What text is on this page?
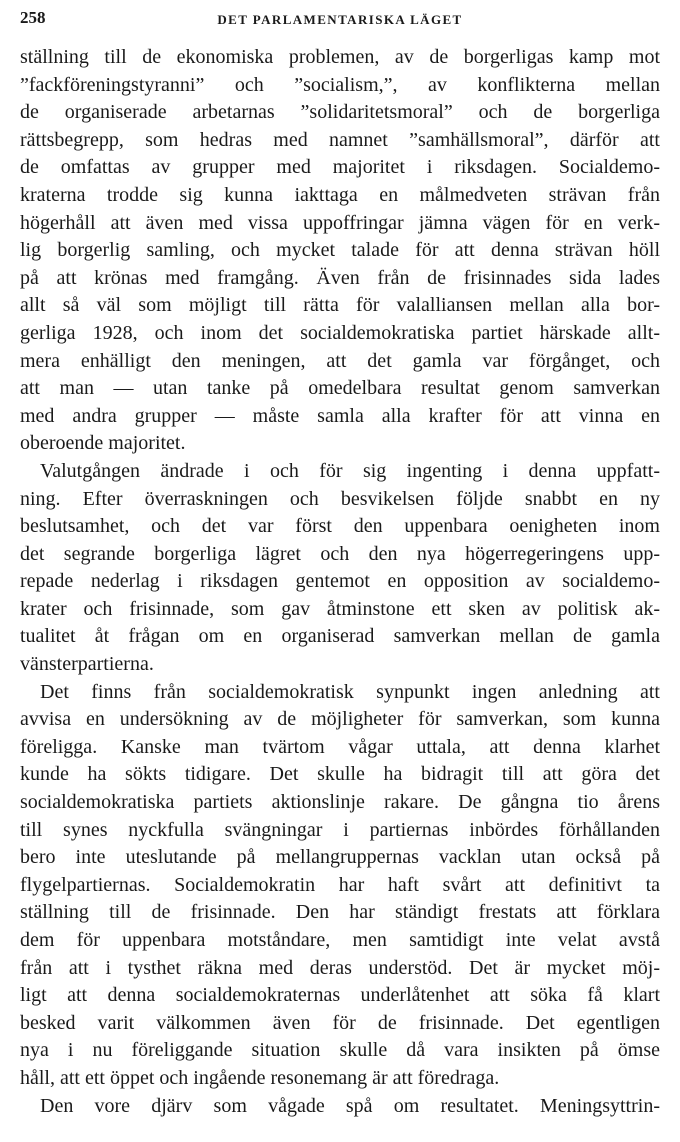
258	DET PARLAMENTARISKA LÄGET
ställning till de ekonomiska problemen, av de borgerligas kamp mot
”fackföreningstyranni” och ”socialism,”, av konflikterna mellan
de organiserade arbetarnas ”solidaritetsmoral” och de borgerliga
rättsbegrepp, som hedras med namnet ”samhällsmoral”, därför att
de omfattas av grupper med majoritet i riksdagen. Socialdemo-
kraterna trodde sig kunna iakttaga en målmedveten strävan från
högerhåll att även med vissa uppoffringar jämna vägen för en verk-
lig borgerlig samling, och mycket talade för att denna strävan höll
på att krönas med framgång. Även från de frisinnades sida lades
allt så väl som möjligt till rätta för valalliansen mellan alla bor-
gerliga 1928, och inom det socialdemokratiska partiet härskade allt-
mera enhälligt den meningen, att det gamla var förgånget, och
att man — utan tanke på omedelbara resultat genom samverkan
med andra grupper — måste samla alla krafter för att vinna en
oberoende majoritet.
Valutgången ändrade i och för sig ingenting i denna uppfatt-
ning. Efter överraskningen och besvikelsen följde snabbt en ny
beslutsamhet, och det var först den uppenbara oenigheten inom
det segrande borgerliga lägret och den nya högerregeringens upp-
repade nederlag i riksdagen gentemot en opposition av socialdemo-
krater och frisinnade, som gav åtminstone ett sken av politisk ak-
tualitet åt frågan om en organiserad samverkan mellan de gamla
vänsterpartierna.
Det finns från socialdemokratisk synpunkt ingen anledning att
avvisa en undersökning av de möjligheter för samverkan, som kunna
föreligga. Kanske man tvärtom vågar uttala, att denna klarhet
kunde ha sökts tidigare. Det skulle ha bidragit till att göra det
socialdemokratiska partiets aktionslinje rakare. De gångna tio årens
till synes nyckfulla svängningar i partiernas inbördes förhållanden
bero inte uteslutande på mellangruppernas vacklan utan också på
flygelpartiernas. Socialdemokratin har haft svårt att definitivt ta
ställning till de frisinnade. Den har ständigt frestats att förklara
dem för uppenbara motståndare, men samtidigt inte velat avstå
från att i tysthet räkna med deras understöd. Det är mycket möj-
ligt att denna socialdemokraternas underlåtenhet att söka få klart
besked varit välkommen även för de frisinnade. Det egentligen
nya i nu föreliggande situation skulle då vara insikten på ömse
håll, att ett öppet och ingående resonemang är att föredraga.
Den vore djärv som vågade spå om resultatet. Meningsyttrin-
